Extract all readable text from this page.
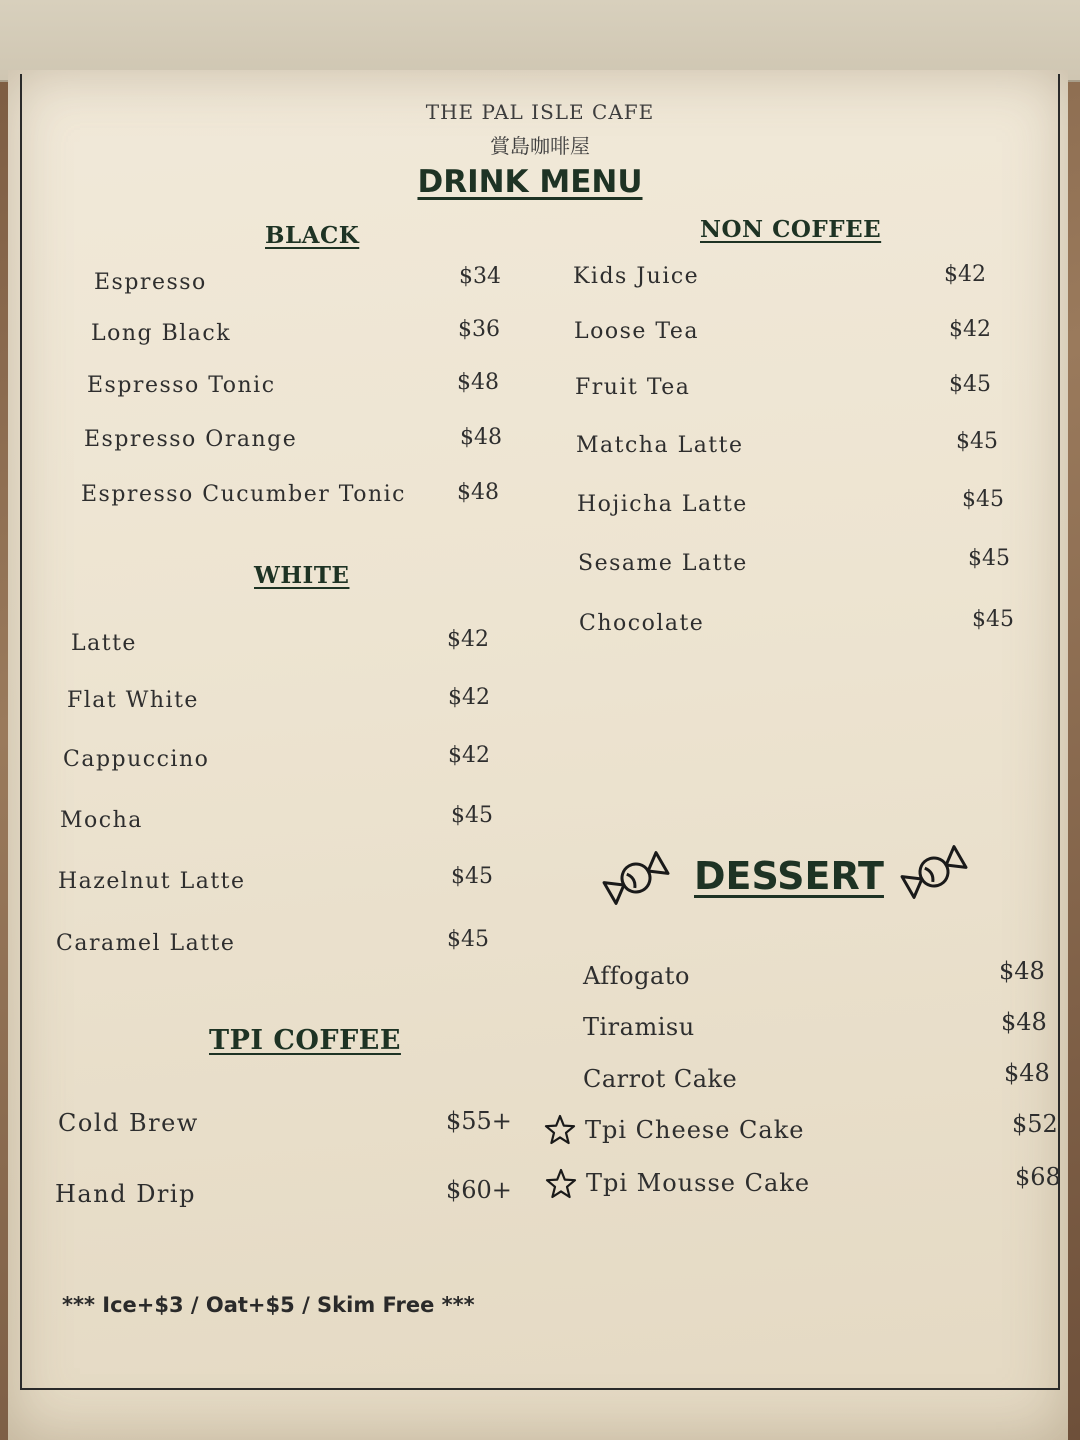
THE PAL ISLE CAFE
賞島咖啡屋
DRINK MENU
BLACK
Espresso	$34
Long Black	$36
Espresso Tonic	$48
Espresso Orange	$48
Espresso Cucumber Tonic $48
WHITE
Latte	$42
Flat White	$42
Cappuccino	$42
Mocha	$45
Hazelnut Latte	$45
Caramel Latte	$45
TPI COFFEE
Cold Brew	$55+
Hand Drip	$60+
NON COFFEE
Kids Juice	$42
Loose Tea	$42
Fruit Tea	$45
Matcha Latte	$45
Hojicha Latte	$45
Sesame Latte	$45
Chocolate	$45
DESSERT
Affogato	$48
Tiramisu	$48
Carrot Cake	$48
Tpi Cheese Cake	$52
Tpi Mousse Cake	$68
*** Ice+$3 / Oat+$5 / Skim Free ***
